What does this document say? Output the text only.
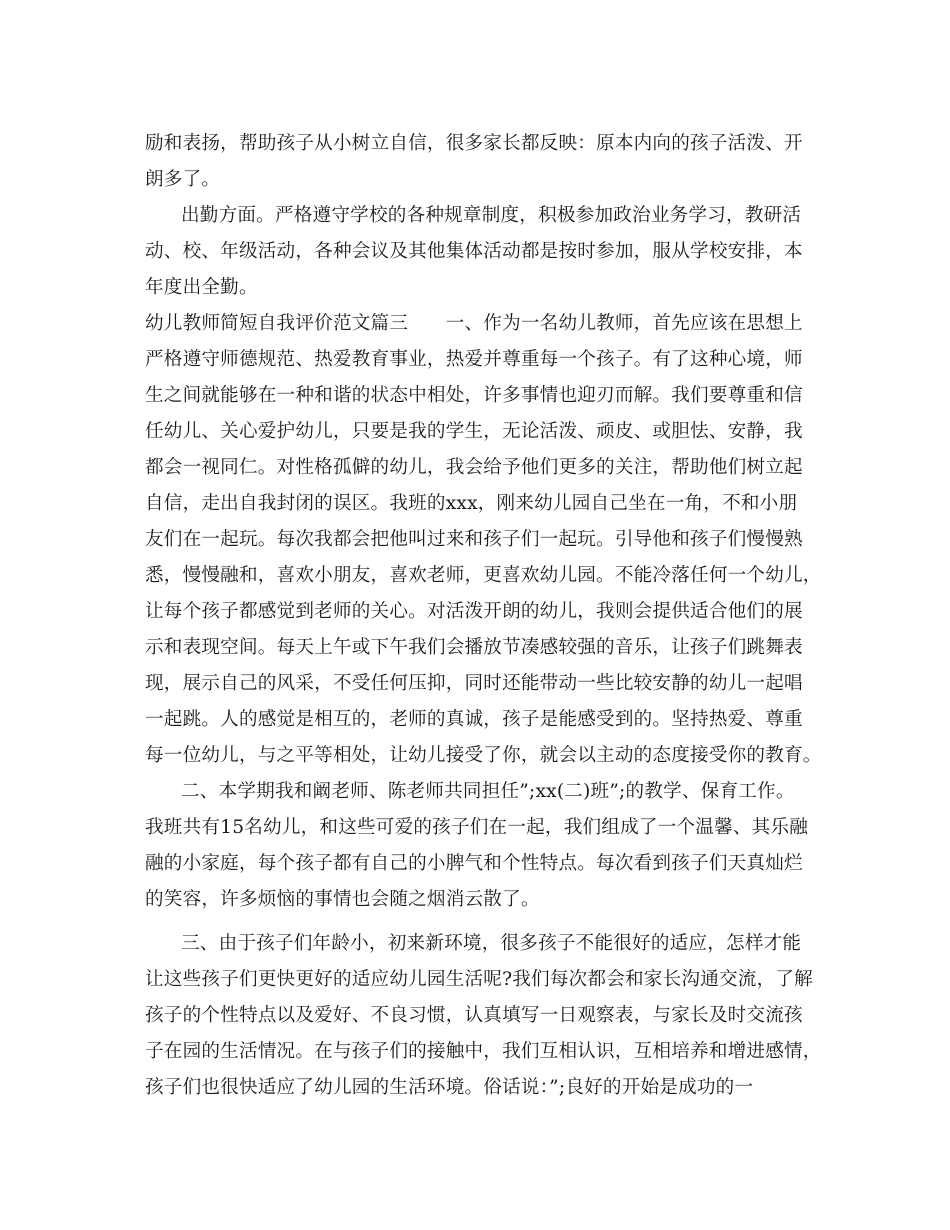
励和表扬，帮助孩子从小树立自信，很多家长都反映：原本内向的孩子活泼、开
朗多了。
出勤方面。严格遵守学校的各种规章制度，积极参加政治业务学习，教研活
动、校、年级活动，各种会议及其他集体活动都是按时参加，服从学校安排，本
年度出全勤。
幼儿教师简短自我评价范文篇三　　一、作为一名幼儿教师，首先应该在思想上
严格遵守师德规范、热爱教育事业，热爱并尊重每一个孩子。有了这种心境，师
生之间就能够在一种和谐的状态中相处，许多事情也迎刃而解。我们要尊重和信
任幼儿、关心爱护幼儿，只要是我的学生，无论活泼、顽皮、或胆怯、安静，我
都会一视同仁。对性格孤僻的幼儿，我会给予他们更多的关注，帮助他们树立起
自信，走出自我封闭的误区。我班的xxx，刚来幼儿园自己坐在一角，不和小朋
友们在一起玩。每次我都会把他叫过来和孩子们一起玩。引导他和孩子们慢慢熟
悉，慢慢融和，喜欢小朋友，喜欢老师，更喜欢幼儿园。不能冷落任何一个幼儿，
让每个孩子都感觉到老师的关心。对活泼开朗的幼儿，我则会提供适合他们的展
示和表现空间。每天上午或下午我们会播放节凑感较强的音乐，让孩子们跳舞表
现，展示自己的风采，不受任何压抑，同时还能带动一些比较安静的幼儿一起唱
一起跳。人的感觉是相互的，老师的真诚，孩子是能感受到的。坚持热爱、尊重
每一位幼儿，与之平等相处，让幼儿接受了你，就会以主动的态度接受你的教育。
二、本学期我和阚老师、陈老师共同担任”;xx(二)班”;的教学、保育工作。
我班共有15名幼儿，和这些可爱的孩子们在一起，我们组成了一个温馨、其乐融
融的小家庭，每个孩子都有自己的小脾气和个性特点。每次看到孩子们天真灿烂
的笑容，许多烦恼的事情也会随之烟消云散了。
三、由于孩子们年龄小，初来新环境，很多孩子不能很好的适应，怎样才能
让这些孩子们更快更好的适应幼儿园生活呢?我们每次都会和家长沟通交流，了解
孩子的个性特点以及爱好、不良习惯，认真填写一日观察表，与家长及时交流孩
子在园的生活情况。在与孩子们的接触中，我们互相认识，互相培养和增进感情，
孩子们也很快适应了幼儿园的生活环境。俗话说：”;良好的开始是成功的一
